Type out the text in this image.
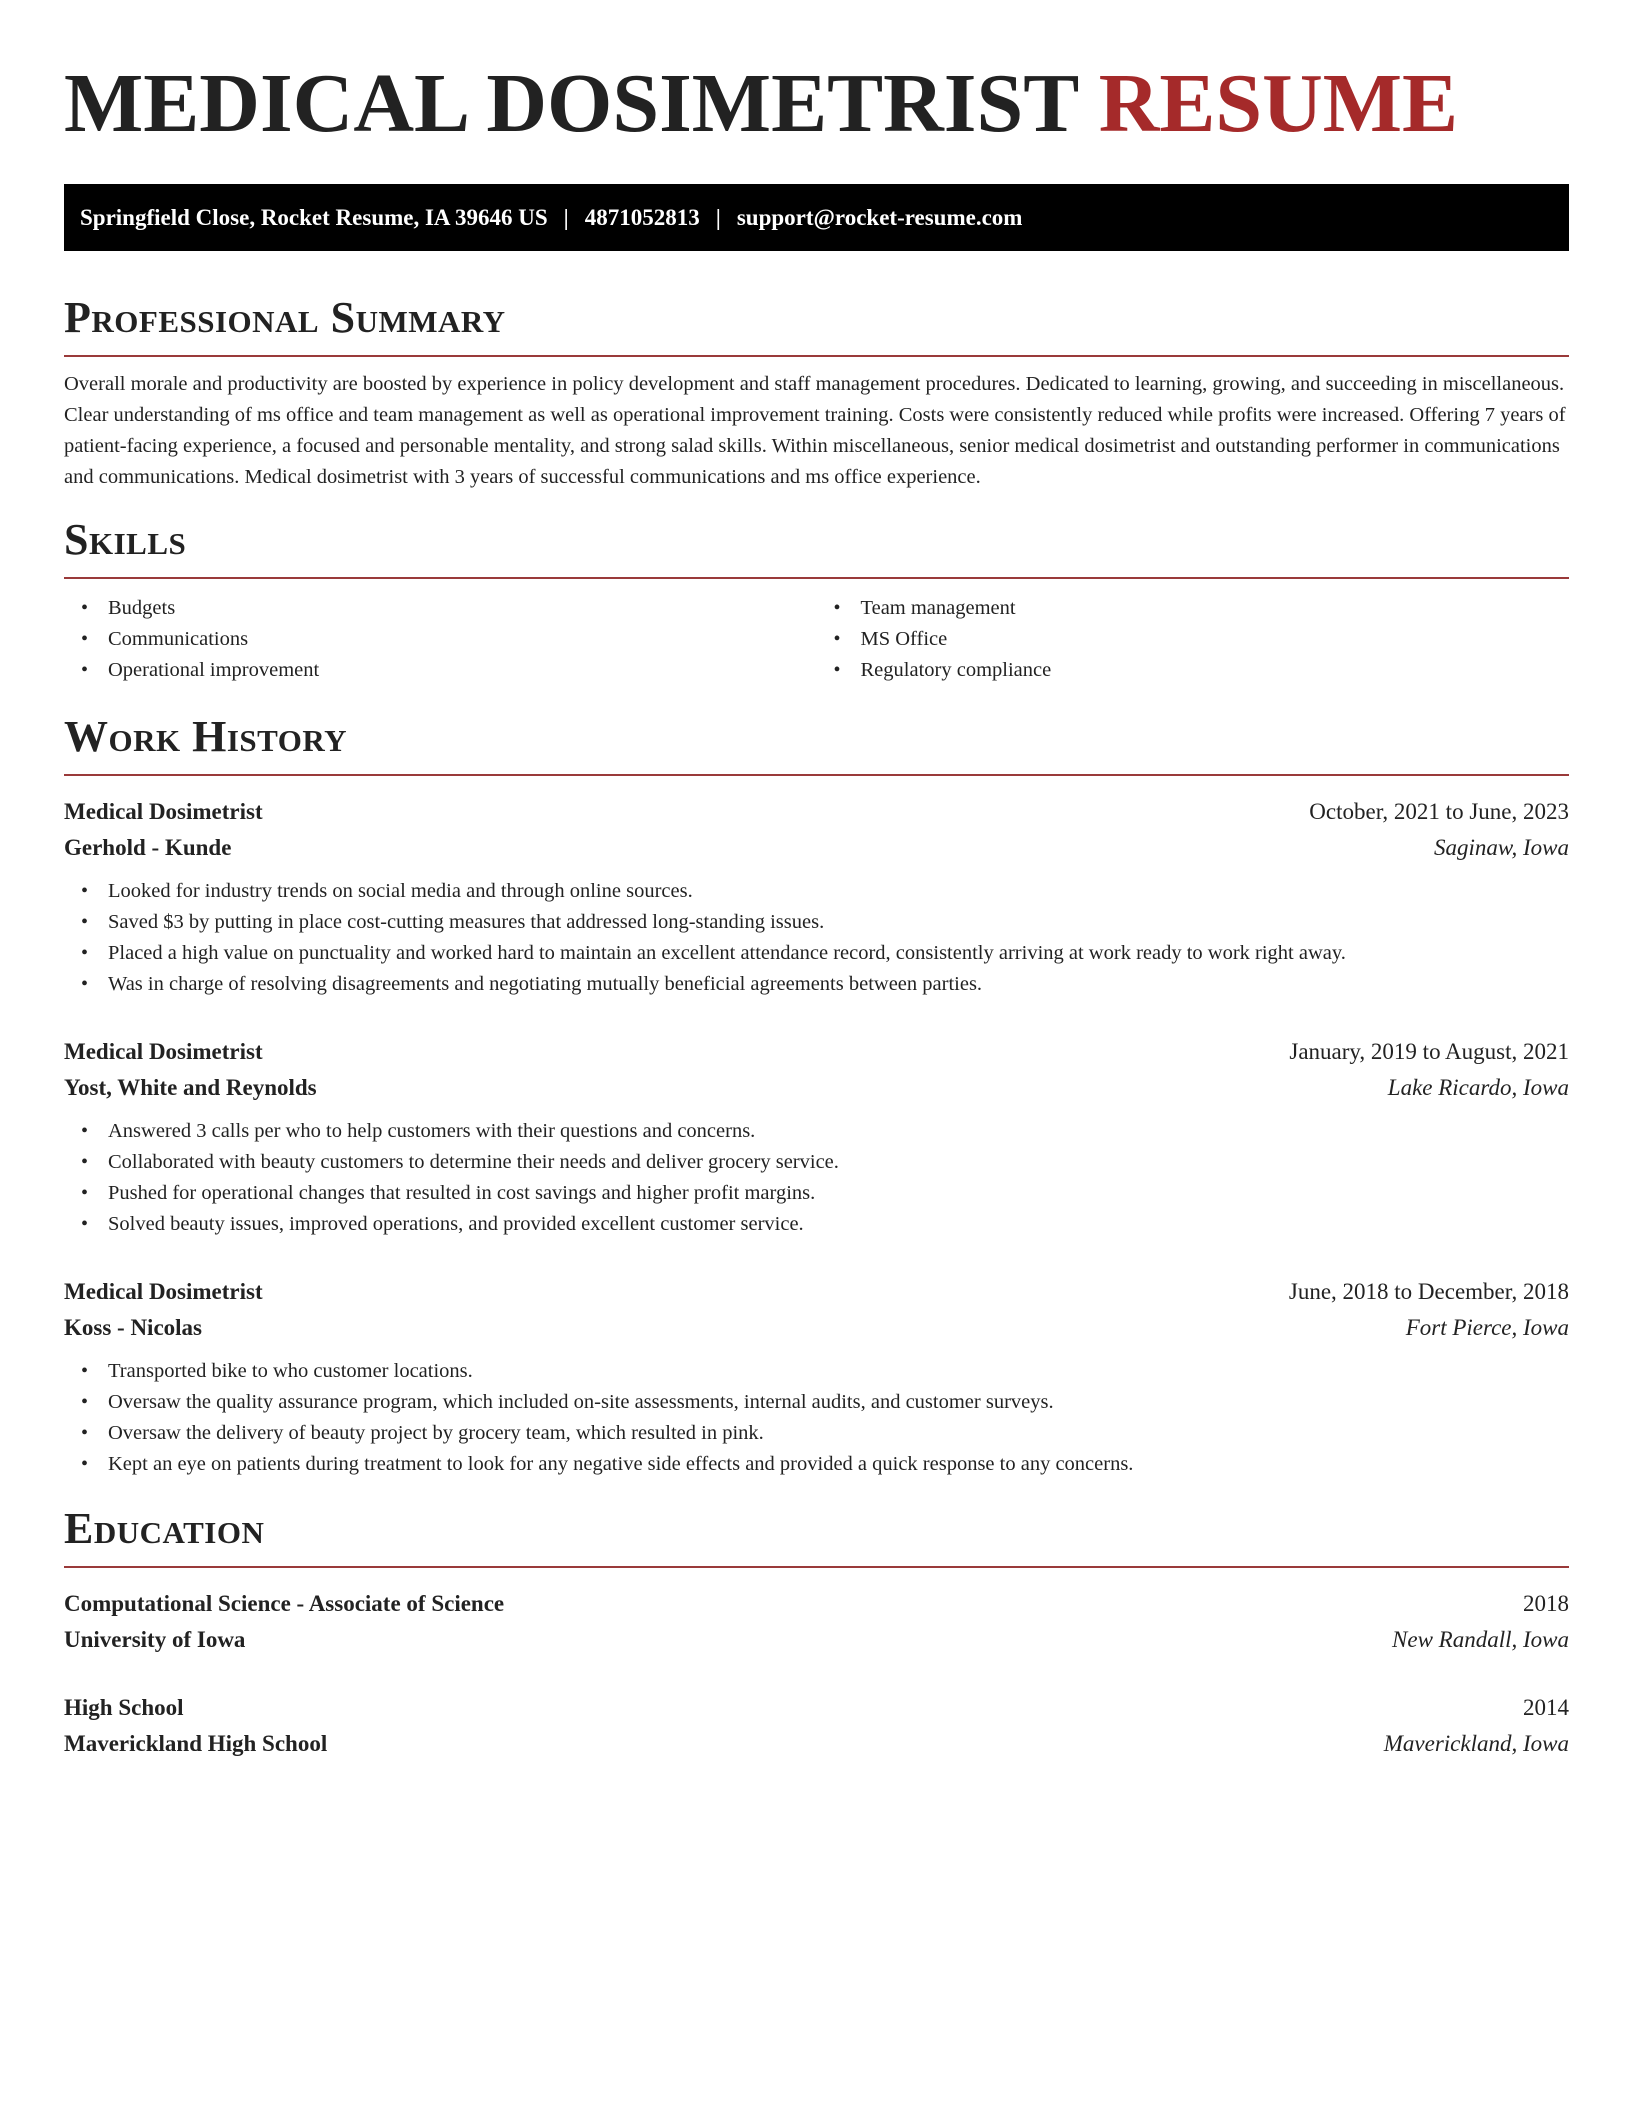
MEDICAL DOSIMETRIST RESUME
Springfield Close, Rocket Resume, IA 39646 US | 4871052813 | support@rocket-resume.com
Professional Summary

Overall morale and productivity are boosted by experience in policy development and staff management procedures. Dedicated to learning, growing, and succeeding in miscellaneous. Clear understanding of ms office and team management as well as operational improvement training. Costs were consistently reduced while profits were increased. Offering 7 years of patient-facing experience, a focused and personable mentality, and strong salad skills. Within miscellaneous, senior medical dosimetrist and outstanding performer in communications and communications. Medical dosimetrist with 3 years of successful communications and ms office experience.

Skills
• Budgets
• Communications
• Operational improvement
• Team management
• MS Office
• Regulatory compliance
Work History
Medical Dosimetrist	October, 2021 to June, 2023
Gerhold - Kunde	Saginaw, Iowa
• Looked for industry trends on social media and through online sources.
• Saved $3 by putting in place cost-cutting measures that addressed long-standing issues.
• Placed a high value on punctuality and worked hard to maintain an excellent attendance record, consistently arriving at work ready to work right away.
• Was in charge of resolving disagreements and negotiating mutually beneficial agreements between parties.
Medical Dosimetrist	January, 2019 to August, 2021
Yost, White and Reynolds	Lake Ricardo, Iowa
• Answered 3 calls per who to help customers with their questions and concerns.
• Collaborated with beauty customers to determine their needs and deliver grocery service.
• Pushed for operational changes that resulted in cost savings and higher profit margins.
• Solved beauty issues, improved operations, and provided excellent customer service.
Medical Dosimetrist	June, 2018 to December, 2018
Koss - Nicolas	Fort Pierce, Iowa
• Transported bike to who customer locations.
• Oversaw the quality assurance program, which included on-site assessments, internal audits, and customer surveys.
• Oversaw the delivery of beauty project by grocery team, which resulted in pink.
• Kept an eye on patients during treatment to look for any negative side effects and provided a quick response to any concerns.
Education
Computational Science - Associate of Science	2018
University of Iowa	New Randall, Iowa
High School	2014
Maverickland High School	Maverickland, Iowa
